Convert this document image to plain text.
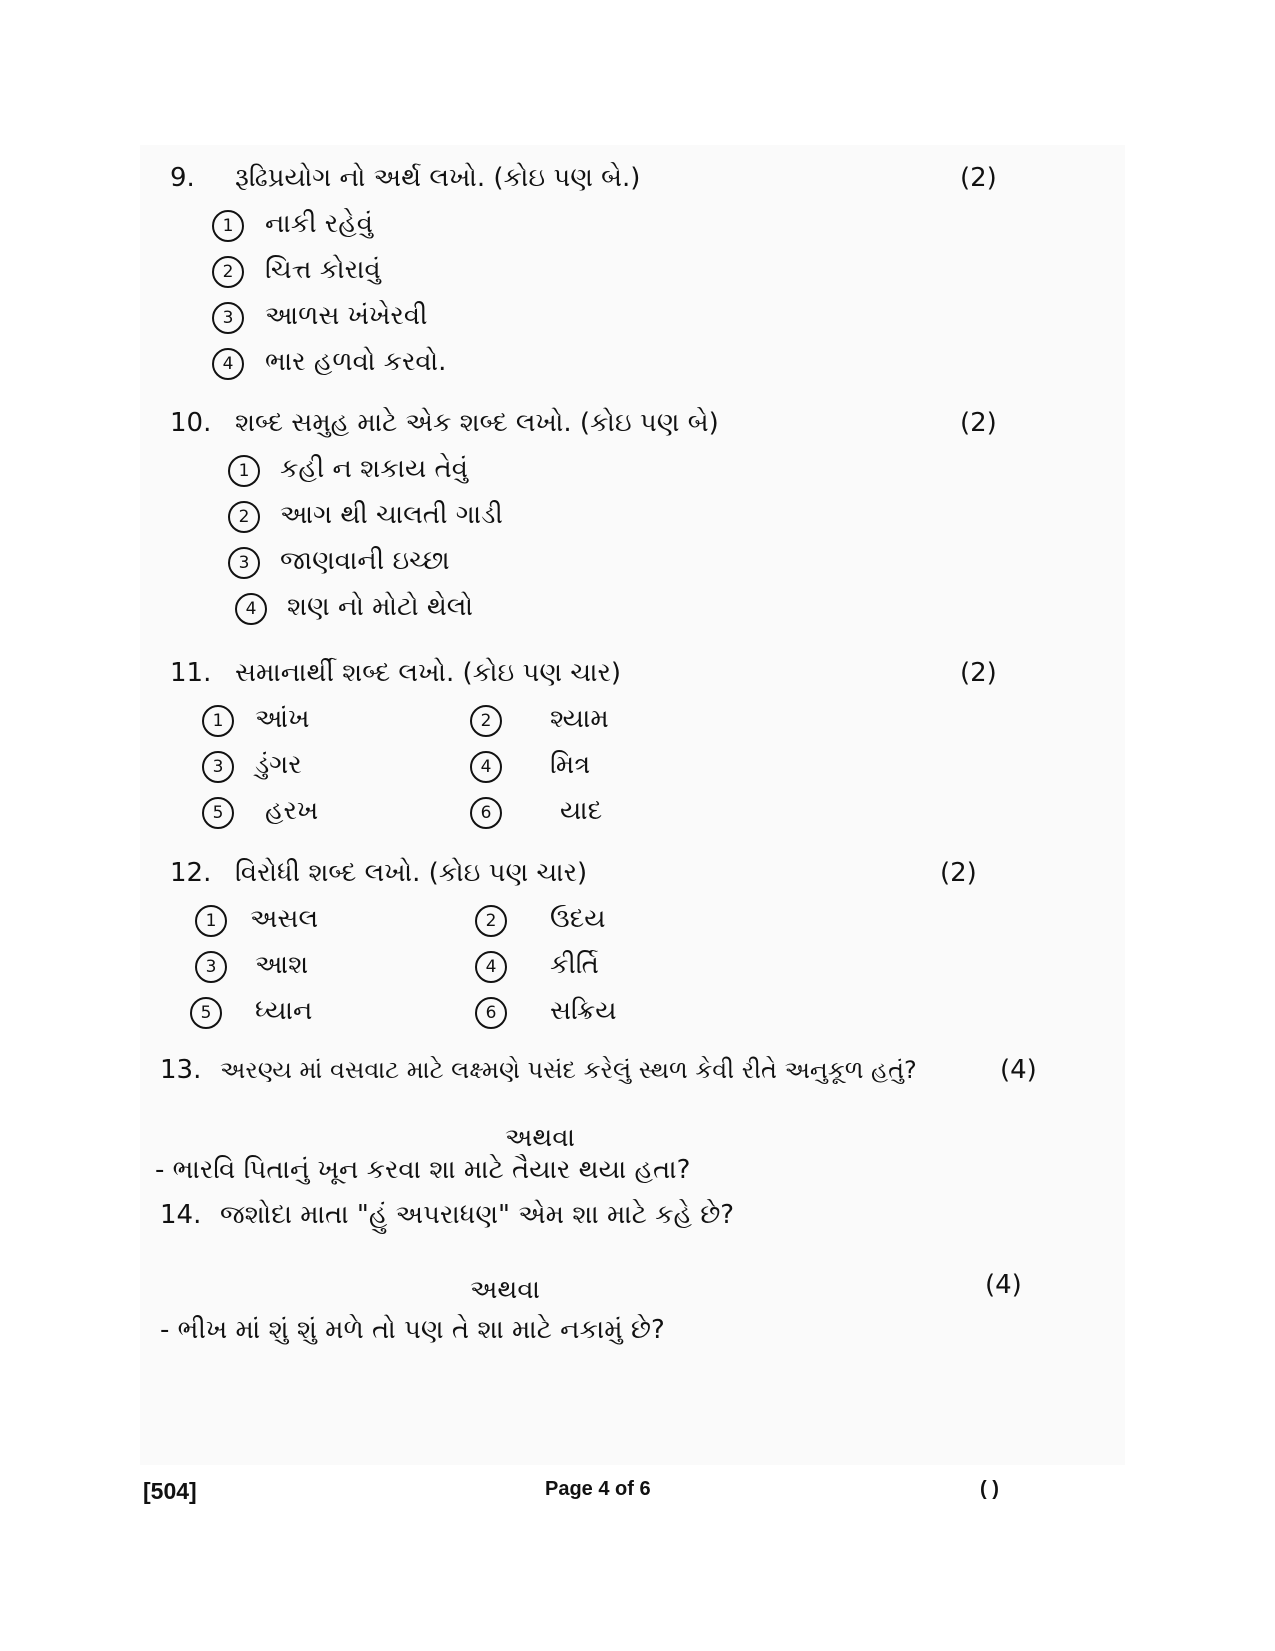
9. રૂઢિપ્રયોગ નો અર્થ લખો. (કોઇ પણ બે.)	(2)
1	નાકી રહેવું
2	ચિત્ત કોરાવું
3	આળસ ખંખેરવી
4	ભાર હળવો કરવો.
10. શબ્દ સમુહ માટે એક શબ્દ લખો. (કોઇ પણ બે)	(2)
1	કહી ન શકાય તેવું
2	આગ થી ચાલતી ગાડી
3	જાણવાની ઇચ્છા
4	શણ નો મોટો થેલો
11. સમાનાર્થી શબ્દ લખો. (કોઇ પણ ચાર)	(2)
1	આંખ	2	શ્યામ
3	ડુંગર	4	મિત્ર
5	હરખ	6	યાદ
12. વિરોધી શબ્દ લખો. (કોઇ પણ ચાર)	(2)
1	અસલ	2	ઉદય
3	આશ	4	કીર્તિ
5	ધ્યાન	6	સક્રિય
13. અરણ્ય માં વસવાટ માટે લક્ષ્મણે પસંદ કરેલું સ્થળ કેવી રીતે અનુકૂળ હતું?	(4)
અથવા
- ભારવિ પિતાનું ખૂન કરવા શા માટે તૈયાર થયા હતા?
14. જશોદા માતા "હું અપરાધણ" એમ શા માટે કહે છે?
(4)
અથવા
- ભીખ માં શું શું મળે તો પણ તે શા માટે નકામું છે?
[504]	Page 4 of 6	( )
